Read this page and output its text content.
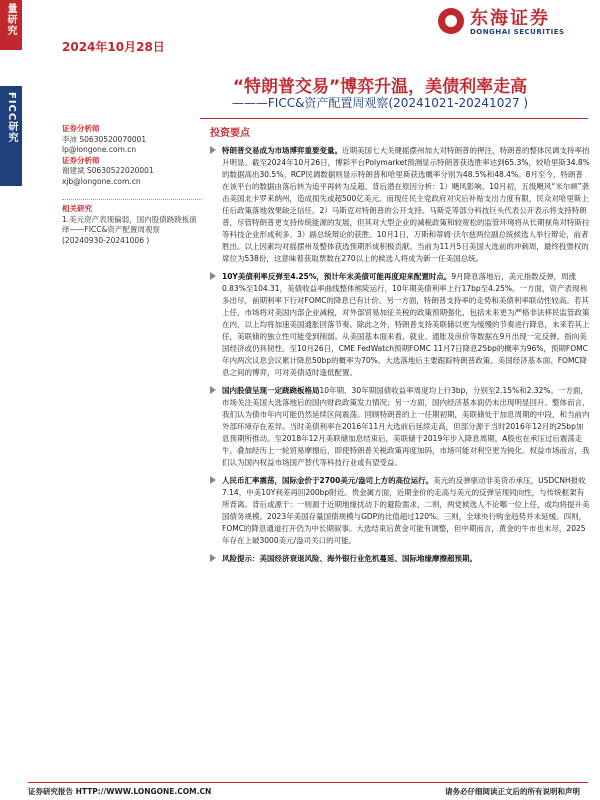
量研究
FICC研究
2024年10月28日
东海证券
DONGHAI SECURITIES
“特朗普交易”博弈升温，美债利率走高
———FICC&资产配置周观察(20241021-20241027 )
证券分析师
李沛 S0630520070001
lp@longone.com.cn
证券分析师
谢建斌 S0630522020001
xjb@longone.com.cn
相关研究
1.美元资产表现偏弱，国内股债跷跷板演绎——FICC&资产配置周观察(20240930-20241006 )
投资要点
特朗普交易成为市场博弈重要变量。近期美国七大关键摇摆州加大对特朗普的押注，特朗普的整体民调支持率抬升明显。截至2024年10月26日，博彩平台Polymarket预测显示特朗普获选胜率达到65.3%，较哈里斯34.8%的数据高出30.5%。RCP民调数据则显示特朗普和哈里斯获选概率分别为48.5%和48.4%。8月至今，特朗普在该平台的数据由落后转为追平再转为反超。背后潜在原因分析：1）飓风影响。10月初，五级飓风“米尔顿”袭击美国北卡罗来纳州，造成损失或超500亿美元。而现任民主党政府对灾后补贴支出力度有限，民众对哈里斯上任后政策落地效果缺乏信任。2）马斯克对特朗普的公开支持。马斯克等部分科技巨头代表公开表示将支持特朗普，尽管特朗普更支持传统能源的发展，但其对大型企业的减税政策和较宽松的监管环境将从长期视角对特斯拉等科技企业形成利多。3）副总统辩论的获胜。10月1日，万斯和蒂姆·沃尔兹两位副总统候选人举行辩论，前者胜出。以上因素均对摇摆州及整体获选预期形成积极贡献。当前为11月5日美国大选前的冲刺周，最终投票权的席位为538份，这意味着获取票数在270以上的候选人将成为新一任美国总统。
10Y美债利率反弹至4.25%，预计年末美债可能再度迎来配置时点。9月降息落地后，美元指数反弹，周涨0.83%至104.31，美债收益率曲线整体熊陡运行，10年期美债利率上行17bp至4.25%。一方面，资产表现利多出尽，前期利率下行对FOMC的降息已有计价。另一方面，特朗普支持率的走势和美债利率联动性较高。若其上任，市场将对美国内部企业减税，对外部贸易加征关税的政策预期强化，包括未来更为严格非法移民监管政策在内，以上均将加速美国通胀回落节奏。除此之外，特朗普支持美联储以更为缓慢的节奏进行降息，未来若其上任，美联储的独立性可能受到削弱。从美国基本面来看，就业、通胀及房价等数据在9月出现一定反弹，指向美国经济或仍具韧性。至10月26日，CME FedWatch预期FOMC 11月7日降息25bp的概率为96%，预期FOMC年内两次议息会议累计降息50bp的概率为70%。大选落地后主要跟踪特朗普政策、美国经济基本面、FOMC降息之间的博弈，可对美债适时逢低配置。
国内股债呈现一定跷跷板格局10年期、30年期国债收益率周度均上行3bp，分别至2.15%和2.32%。一方面，市场关注美国大选落地后的国内财政政策发力情况；另一方面，国内经济基本面仍未出现明显回升。整体而言，我们认为债市年内可能仍然延续区间震荡。回顾特朗普的上一任期初期，美联储处于加息周期的中段，和当前内外部环境存在差异。当时美债利率在2016年11月大选前后延续走高，但部分源于当时2016年12月的25bp加息预期所推动。至2018年12月美联储加息结束后，美联储于2019年步入降息周期，A股也在承压过后震荡走牛。叠加经历上一轮贸易摩擦后，即使特朗普关税政策再度加码，市场可能对利空更为钝化。权益市场而言，我们认为国内权益市场国产替代等科技行业或有望受益。
人民币汇率震荡，国际金价于2700美元/盎司上方的高位运行。美元的反弹驱动非美货币承压，USDCNH报收7.14，中美10Y利差再回200bp附近。贵金属方面，近期金价的走高与美元的反弹呈现同向性，与传统框架有所背离。背后或源于：一则源于近期地缘扰动下的避险需求，二则，两党候选人不论哪一位上任，或均将提升美国债务规模。2023年美国存量国债规模与GDP的比值超过120%。三则，全球央行购金趋势并未延缓。四则，FOMC的降息通道打开仍为中长期叙事。大选结束后黄金可能有调整，但中期而言，黄金的牛市也未尽，2025年存在上破3000美元/盎司关口的可能。
风险提示：美国经济衰退风险、海外银行业危机蔓延、国际地缘摩擦超预期。
证券研究报告 HTTP://WWW.LONGONE.COM.CN	请务必仔细阅读正文后的所有说明和声明
